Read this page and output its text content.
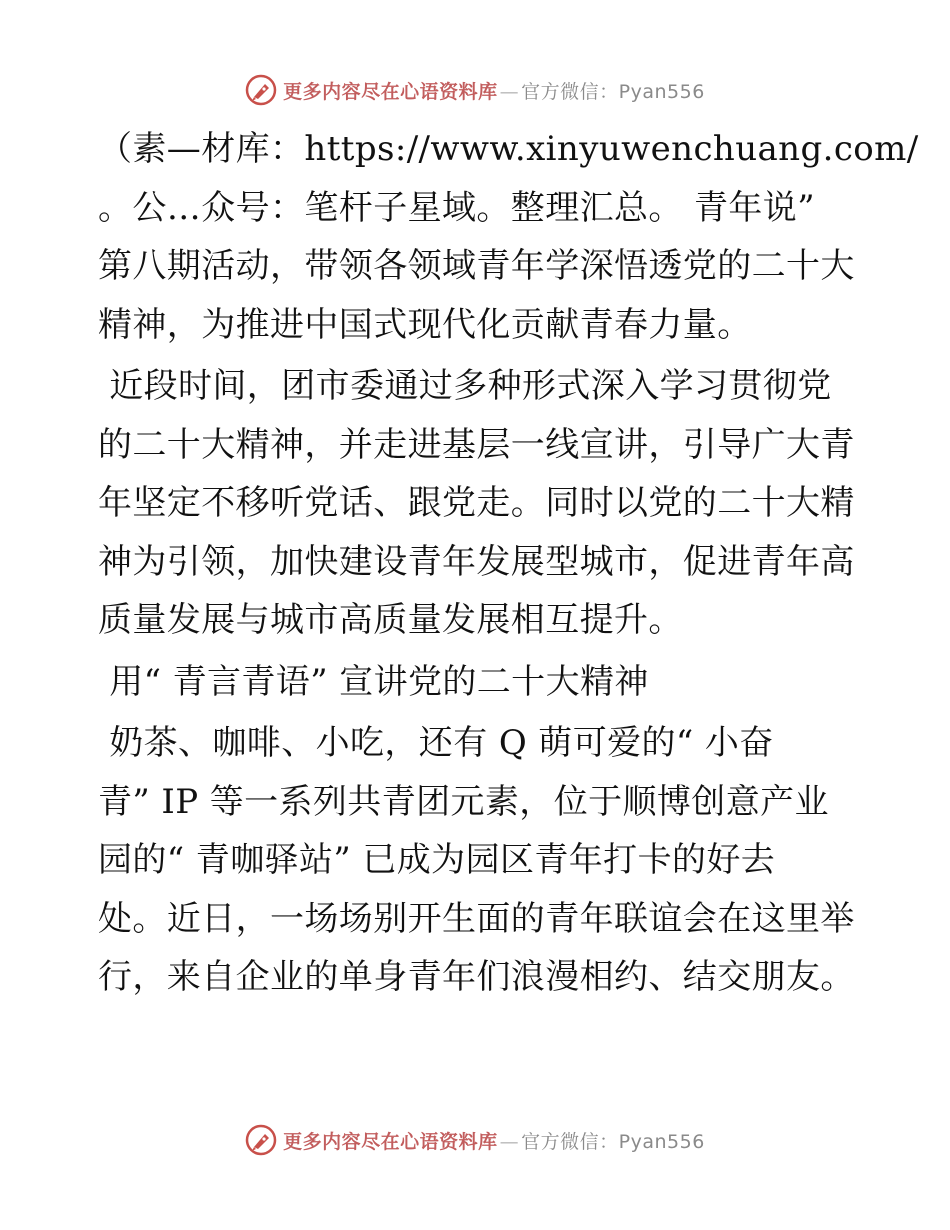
更多内容尽在心语资料库 — 官方微信：Pyan556

（素—材库：https://www.xinyuwenchuang.com/
。公…众号：笔杆子星域。整理汇总。 青年说”
第八期活动，带领各领域青年学深悟透党的二十大
精神，为推进中国式现代化贡献青春力量。

近段时间，团市委通过多种形式深入学习贯彻党
的二十大精神，并走进基层一线宣讲，引导广大青
年坚定不移听党话、跟党走。同时以党的二十大精
神为引领，加快建设青年发展型城市，促进青年高
质量发展与城市高质量发展相互提升。

用“ 青言青语” 宣讲党的二十大精神

奶茶、咖啡、小吃，还有 Q 萌可爱的“ 小奋
青” IP 等一系列共青团元素，位于顺博创意产业
园的“ 青咖驿站” 已成为园区青年打卡的好去
处。近日，一场场别开生面的青年联谊会在这里举
行，来自企业的单身青年们浪漫相约、结交朋友。

更多内容尽在心语资料库 — 官方微信：Pyan556
